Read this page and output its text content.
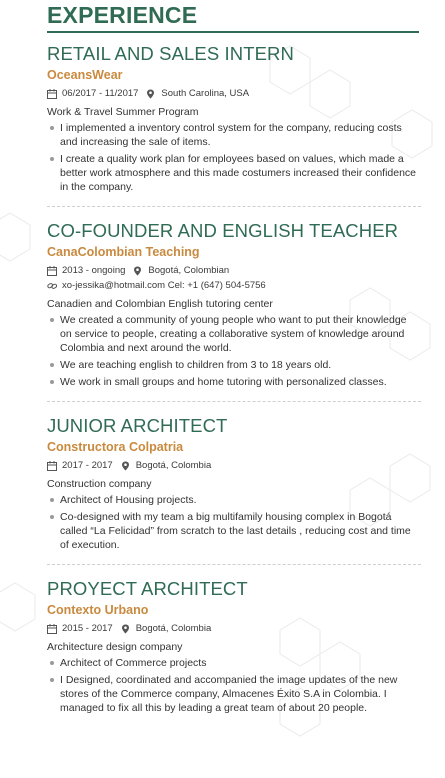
EXPERIENCE
RETAIL AND SALES INTERN
OceansWear
06/2017 - 11/2017 South Carolina, USA
Work & Travel Summer Program
I implemented a inventory control system for the company, reducing costs and increasing the sale of items.
I create a quality work plan for employees based on values, which made a better work atmosphere and this made costumers increased their confidence in the company.
CO-FOUNDER AND ENGLISH TEACHER
CanaColombian Teaching
2013 - ongoing Bogotá, Colombian
xo-jessika@hotmail.com Cel: +1 (647) 504-5756
Canadien and Colombian English tutoring center
We created a community of young people who want to put their knowledge on service to people, creating a collaborative system of knowledge around Colombia and next around the world.
We are teaching english to children from 3 to 18 years old.
We work in small groups and home tutoring with personalized classes.
JUNIOR ARCHITECT
Constructora Colpatria
2017 - 2017 Bogotá, Colombia
Construction company
Architect of Housing projects.
Co-designed with my team a big multifamily housing complex in Bogotá called “La Felicidad” from scratch to the last details , reducing cost and time of execution.
PROYECT ARCHITECT
Contexto Urbano
2015 - 2017 Bogotá, Colombia
Architecture design company
Architect of Commerce projects
I Designed, coordinated and accompanied the image updates of the new stores of the Commerce company, Almacenes Éxito S.A in Colombia. I managed to fix all this by leading a great team of about 20 people.
